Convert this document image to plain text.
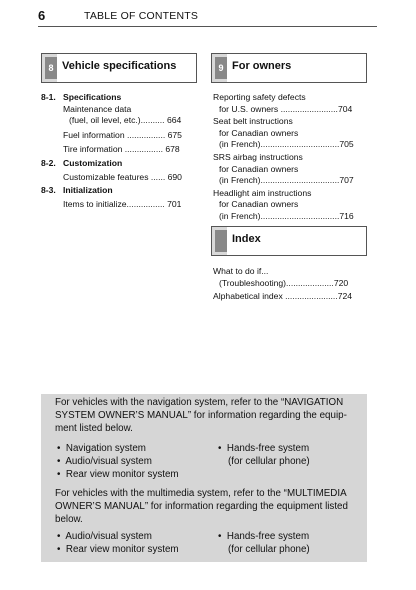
6	TABLE OF CONTENTS
8 Vehicle specifications	9 For owners
8-1. Specifications
Maintenance data
(fuel, oil level, etc.).......... 664
Fuel information ................ 675
Tire information ................ 678
8-2. Customization
Customizable features ...... 690
8-3. Initialization
Items to initialize................ 701
Reporting safety defects
for U.S. owners ........................704
Seat belt instructions
for Canadian owners
(in French).................................705
SRS airbag instructions
for Canadian owners
(in French).................................707
Headlight aim instructions
for Canadian owners
(in French).................................716
Index
What to do if...
(Troubleshooting)....................720
Alphabetical index ......................724
For vehicles with the navigation system, refer to the “NAVIGATION
SYSTEM OWNER’S MANUAL” for information regarding the equip-
ment listed below.
• Navigation system
• Audio/visual system
• Rear view monitor system
• Hands-free system
(for cellular phone)
For vehicles with the multimedia system, refer to the “MULTIMEDIA
OWNER’S MANUAL” for information regarding the equipment listed
below.
• Audio/visual system
• Rear view monitor system
• Hands-free system
(for cellular phone)
